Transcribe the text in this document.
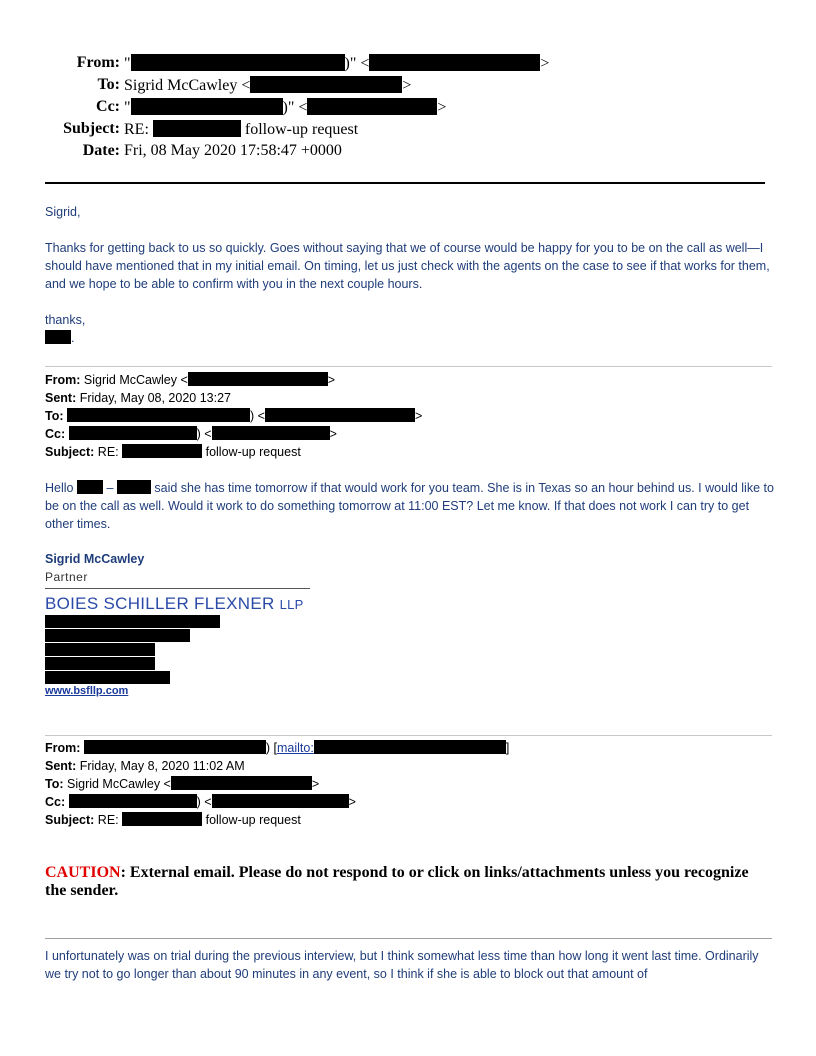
From: "	)" <	>
To: Sigrid McCawley <	>
Cc: "	)" <	>
Subject: RE:	follow-up request
Date: Fri, 08 May 2020 17:58:47 +0000
Sigrid,
Thanks for getting back to us so quickly. Goes without saying that we of course would be happy for you to be on the call as well—I should have mentioned that in my initial email. On timing, let us just check with the agents on the case to see if that works for them, and we hope to be able to confirm with you in the next couple hours.
thanks,
.
From: Sigrid McCawley <	>
Sent: Friday, May 08, 2020 13:27
To:	) <	>
Cc:	) <	>
Subject: RE:	follow-up request
Hello	–	said she has time tomorrow if that would work for you team. She is in Texas so an hour behind us. I would like to be on the call as well. Would it work to do something tomorrow at 11:00 EST? Let me know. If that does not work I can try to get other times.
Sigrid McCawley
Partner
BOIES SCHILLER FLEXNER LLP
www.bsfllp.com
From:	) [mailto:	]
Sent: Friday, May 8, 2020 11:02 AM
To: Sigrid McCawley <	>
Cc:	) <	>
Subject: RE:	follow-up request
CAUTION: External email. Please do not respond to or click on links/attachments unless you recognize the sender.
I unfortunately was on trial during the previous interview, but I think somewhat less time than how long it went last time. Ordinarily we try not to go longer than about 90 minutes in any event, so I think if she is able to block out that amount of
